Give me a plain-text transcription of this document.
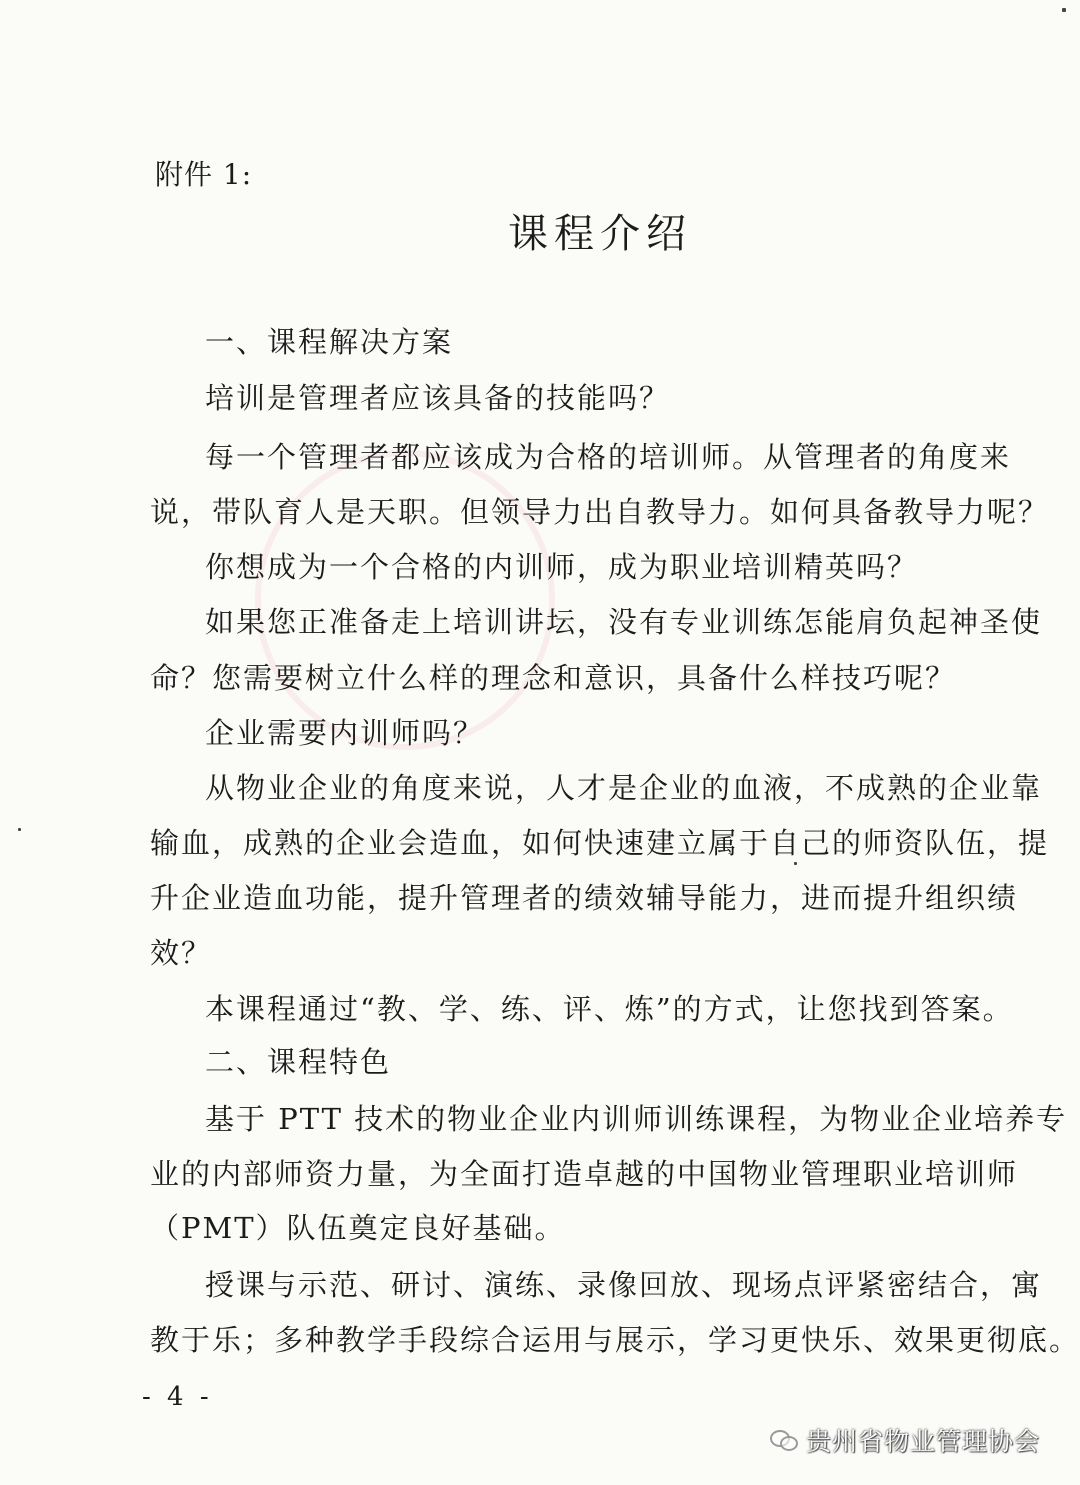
附件 1:
课程介绍
一、课程解决方案
培训是管理者应该具备的技能吗？
每一个管理者都应该成为合格的培训师。从管理者的角度来
说，带队育人是天职。但领导力出自教导力。如何具备教导力呢？
你想成为一个合格的内训师，成为职业培训精英吗？
如果您正准备走上培训讲坛，没有专业训练怎能肩负起神圣使
命？您需要树立什么样的理念和意识，具备什么样技巧呢？
企业需要内训师吗？
从物业企业的角度来说，人才是企业的血液，不成熟的企业靠
输血，成熟的企业会造血，如何快速建立属于自己的师资队伍，提
升企业造血功能，提升管理者的绩效辅导能力，进而提升组织绩
效？
本课程通过“教、学、练、评、炼”的方式，让您找到答案。
二、课程特色
基于 PTT 技术的物业企业内训师训练课程，为物业企业培养专
业的内部师资力量，为全面打造卓越的中国物业管理职业培训师
（PMT）队伍奠定良好基础。
授课与示范、研讨、演练、录像回放、现场点评紧密结合，寓
教于乐；多种教学手段综合运用与展示，学习更快乐、效果更彻底。
- 4 -
贵州省物业管理协会
